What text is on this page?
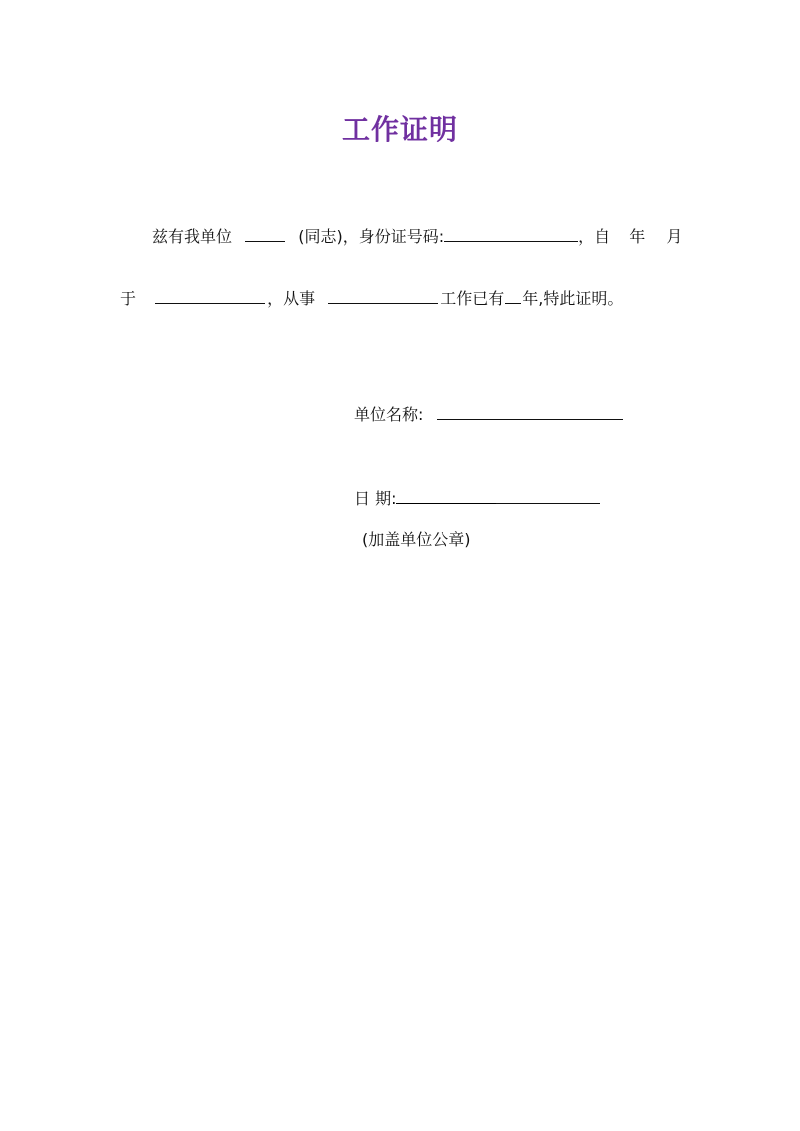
工作证明
兹有我单位	(同志)，身份证号码:	，自 年 月
于	，从事	工作已有 年,特此证明。
单位名称:
日 期:
(加盖单位公章)
